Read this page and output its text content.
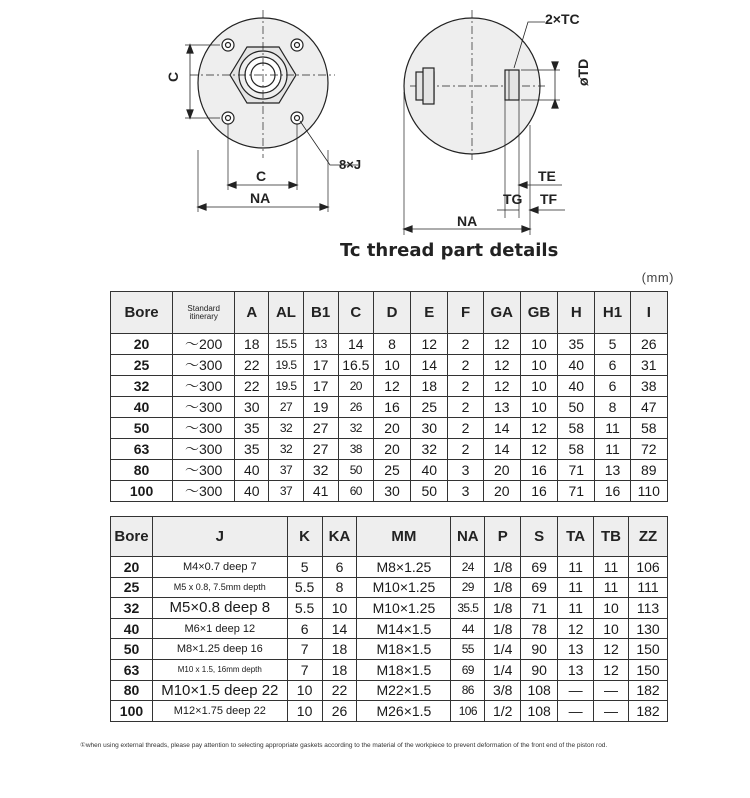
C
C
NA
8×J
2×TC
øTD
TE
TG TF
NA
Tc thread part details
(mm)
Bore	Standard itinerary	A	AL	B1	C	D	E	F	GA	GB	H	H1	I
20	～200	18	15.5	13	14	8	12	2	12	10	35	5	26
25	～300	22	19.5	17	16.5	10	14	2	12	10	40	6	31
32	～300	22	19.5	17	20	12	18	2	12	10	40	6	38
40	～300	30	27	19	26	16	25	2	13	10	50	8	47
50	～300	35	32	27	32	20	30	2	14	12	58	11	58
63	～300	35	32	27	38	20	32	2	14	12	58	11	72
80	～300	40	37	32	50	25	40	3	20	16	71	13	89
100	～300	40	37	41	60	30	50	3	20	16	71	16	110
Bore	J	K	KA	MM	NA	P	S	TA	TB	ZZ
20	M4×0.7 deep 7	5	6	M8×1.25	24	1/8	69	11	11	106
25	M5 x 0.8, 7.5mm depth	5.5	8	M10×1.25	29	1/8	69	11	11	111
32	M5×0.8 deep 8	5.5	10	M10×1.25	35.5	1/8	71	11	10	113
40	M6×1 deep 12	6	14	M14×1.5	44	1/8	78	12	10	130
50	M8×1.25 deep 16	7	18	M18×1.5	55	1/4	90	13	12	150
63	M10 x 1.5, 16mm depth	7	18	M18×1.5	69	1/4	90	13	12	150
80	M10×1.5 deep 22	10	22	M22×1.5	86	3/8	108	—	—	182
100	M12×1.75 deep 22	10	26	M26×1.5	106	1/2	108	—	—	182
①when using external threads, please pay attention to selecting appropriate gaskets according to the material of the workpiece to prevent deformation of the front end of the piston rod.
